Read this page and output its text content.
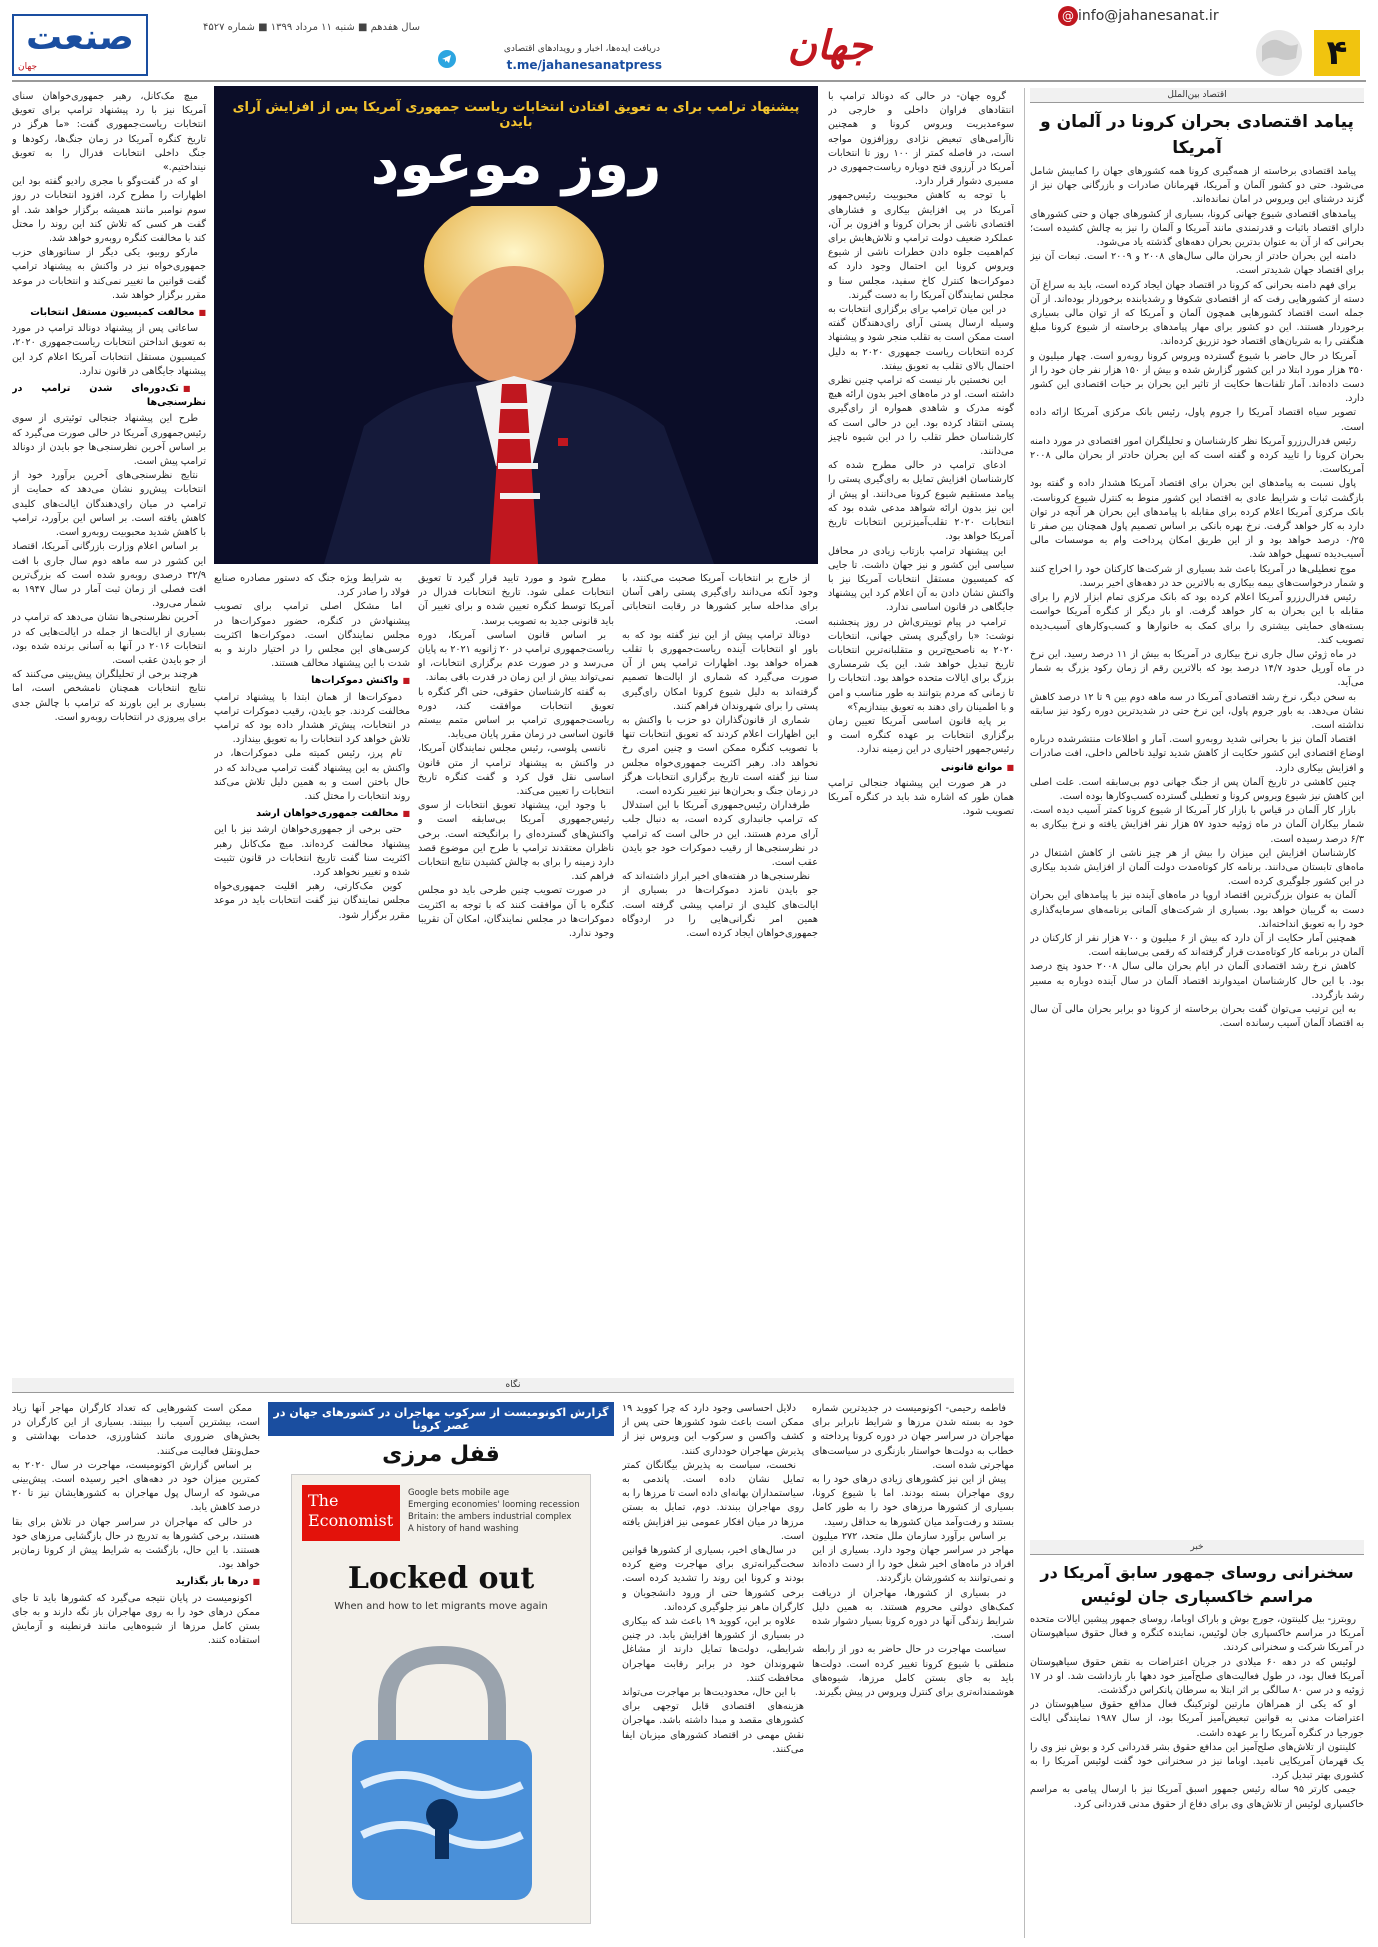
۴
@ info@jahanesanat.ir
جهان
دریافت ایده‌ها، اخبار و رویدادهای اقتصادی
t.me/jahanesanatpress
سال هفدهم ■ شنبه ۱۱ مرداد ۱۳۹۹ ■ شماره ۴۵۲۷
صنعت
جهان
اقتصاد بین‌الملل
پیامد اقتصادی بحران کرونا در آلمان و آمریکا

پیامد اقتصادی برخاسته از همه‌گیری کرونا همه کشورهای جهان را کمابیش شامل می‌شود. حتی دو کشور آلمان و آمریکا، قهرمانان صادرات و بازرگانی جهان نیز از گزند درشتای این ویروس در امان نمانده‌اند.

پیامدهای اقتصادی شیوع جهانی کرونا، بسیاری از کشورهای جهان و حتی کشورهای دارای اقتصاد باثبات و قدرتمندی مانند آمریکا و آلمان را نیز به چالش کشیده است؛ بحرانی که از آن به عنوان بدترین بحران دهه‌های گذشته یاد می‌شود.

دامنه این بحران حادتر از بحران مالی سال‌های ۲۰۰۸ و ۲۰۰۹ است. تبعات آن نیز برای اقتصاد جهان شدیدتر است.

برای فهم دامنه بحرانی که کرونا در اقتصاد جهان ایجاد کرده است، باید به سراغ آن دسته از کشورهایی رفت که از اقتصادی شکوفا و رشدیابنده برخوردار بوده‌اند. از آن جمله است اقتصاد کشورهایی همچون آلمان و آمریکا که از توان مالی بسیاری برخوردار هستند. این دو کشور برای مهار پیامدهای برخاسته از شیوع کرونا مبلغ هنگفتی را به شریان‌های اقتصاد خود تزریق کرده‌اند.

آمریکا در حال حاضر با شیوع گسترده ویروس کرونا روبه‌رو است. چهار میلیون و ۳۵۰ هزار مورد ابتلا در این کشور گزارش شده و بیش از ۱۵۰ هزار نفر جان خود را از دست داده‌اند. آمار تلفات‌ها حکایت از تاثیر این بحران بر حیات اقتصادی این کشور دارد.

تصویر سیاه اقتصاد آمریکا را جروم پاول، رئیس بانک مرکزی آمریکا ارائه داده است.

رئیس فدرال‌رزرو آمریکا نظر کارشناسان و تحلیلگران امور اقتصادی در مورد دامنه بحران کرونا را تایید کرده و گفته است که این بحران حادتر از بحران مالی ۲۰۰۸ آمریکاست.

پاول نسبت به پیامدهای این بحران برای اقتصاد آمریکا هشدار داده و گفته بود بازگشت ثبات و شرایط عادی به اقتصاد این کشور منوط به کنترل شیوع کروناست. بانک مرکزی آمریکا اعلام کرده برای مقابله با پیامدهای این بحران هر آنچه در توان دارد به کار خواهد گرفت. نرخ بهره بانکی بر اساس تصمیم پاول همچنان بین صفر تا ۰/۲۵ درصد خواهد بود و از این طریق امکان پرداخت وام به موسسات مالی آسیب‌دیده تسهیل خواهد شد.

موج تعطیلی‌ها در آمریکا باعث شد بسیاری از شرکت‌ها کارکنان خود را اخراج کنند و شمار درخواست‌های بیمه بیکاری به بالاترین حد در دهه‌های اخیر برسد.

رئیس فدرال‌رزرو آمریکا اعلام کرده بود که بانک مرکزی تمام ابزار لازم را برای مقابله با این بحران به کار خواهد گرفت. او بار دیگر از کنگره آمریکا خواست بسته‌های حمایتی بیشتری را برای کمک به خانوارها و کسب‌وکارهای آسیب‌دیده تصویب کند.

در ماه ژوئن سال جاری نرخ بیکاری در آمریکا به بیش از ۱۱ درصد رسید. این نرخ در ماه آوریل حدود ۱۴/۷ درصد بود که بالاترین رقم از زمان رکود بزرگ به شمار می‌آید.

به سخن دیگر، نرخ رشد اقتصادی آمریکا در سه ماهه دوم بین ۹ تا ۱۲ درصد کاهش نشان می‌دهد. به باور جروم پاول، این نرخ حتی در شدیدترین دوره رکود نیز سابقه نداشته است.

اقتصاد آلمان نیز با بحرانی شدید روبه‌رو است. آمار و اطلاعات منتشرشده درباره اوضاع اقتصادی این کشور حکایت از کاهش شدید تولید ناخالص داخلی، افت صادرات و افزایش بیکاری دارد.

چنین کاهشی در تاریخ آلمان پس از جنگ جهانی دوم بی‌سابقه است. علت اصلی این کاهش نیز شیوع ویروس کرونا و تعطیلی گسترده کسب‌وکارها بوده است.

بازار کار آلمان در قیاس با بازار کار آمریکا از شیوع کرونا کمتر آسیب دیده است. شمار بیکاران آلمان در ماه ژوئیه حدود ۵۷ هزار نفر افزایش یافته و نرخ بیکاری به ۶/۳ درصد رسیده است.

کارشناسان افزایش این میزان را بیش از هر چیز ناشی از کاهش اشتغال در ماه‌های تابستان می‌دانند. برنامه کار کوتاه‌مدت دولت آلمان از افزایش شدید بیکاری در این کشور جلوگیری کرده است.

آلمان به عنوان بزرگ‌ترین اقتصاد اروپا در ماه‌های آینده نیز با پیامدهای این بحران دست به گریبان خواهد بود. بسیاری از شرکت‌های آلمانی برنامه‌های سرمایه‌گذاری خود را به تعویق انداخته‌اند.

همچنین آمار حکایت از آن دارد که بیش از ۶ میلیون و ۷۰۰ هزار نفر از کارکنان در آلمان در برنامه کار کوتاه‌مدت قرار گرفته‌اند که رقمی بی‌سابقه است.

کاهش نرخ رشد اقتصادی آلمان در ایام بحران مالی سال ۲۰۰۸ حدود پنج درصد بود. با این حال کارشناسان امیدوارند اقتصاد آلمان در سال آینده دوباره به مسیر رشد بازگردد.

به این ترتیب می‌توان گفت بحران برخاسته از کرونا دو برابر بحران مالی آن سال به اقتصاد آلمان آسیب رسانده است.

خبر
سخنرانی روسای جمهور سابق آمریکا در مراسم خاکسپاری جان لوئیس

روبترز- بیل کلینتون، جورج بوش و باراک اوباما، روسای جمهور پیشین ایالات متحده آمریکا در مراسم خاکسپاری جان لوئیس، نماینده کنگره و فعال حقوق سیاهپوستان در آمریکا شرکت و سخنرانی کردند.

لوئیس که در دهه ۶۰ میلادی در جریان اعتراضات به نقض حقوق سیاهپوستان آمریکا فعال بود، در طول فعالیت‌های صلح‌آمیز خود دهها بار بازداشت شد. او در ۱۷ ژوئیه و در سن ۸۰ سالگی بر اثر ابتلا به سرطان پانکراس درگذشت.

او که یکی از همراهان مارتین لوترکینگ فعال مدافع حقوق سیاهپوستان در اعتراضات مدنی به قوانین تبعیض‌آمیز آمریکا بود، از سال ۱۹۸۷ نمایندگی ایالت جورجیا در کنگره آمریکا را بر عهده داشت.

کلینتون از تلاش‌های صلح‌آمیز این مدافع حقوق بشر قدردانی کرد و بوش نیز وی را یک قهرمان آمریکایی نامید. اوباما نیز در سخنرانی خود گفت لوئیس آمریکا را به کشوری بهتر تبدیل کرد.

جیمی کارتر ۹۵ ساله رئیس جمهور اسبق آمریکا نیز با ارسال پیامی به مراسم خاکسپاری لوئیس از تلاش‌های وی برای دفاع از حقوق مدنی قدردانی کرد.

گروه جهان- در حالی که دونالد ترامپ با انتقادهای فراوان داخلی و خارجی در سوءمدیریت ویروس کرونا و همچنین ناآرامی‌های تبعیض نژادی روزافزون مواجه است، در فاصله کمتر از ۱۰۰ روز تا انتخابات آمریکا در آرزوی فتح دوباره ریاست‌جمهوری در مسیری دشوار قرار دارد.

با توجه به کاهش محبوبیت رئیس‌جمهور آمریکا در پی افزایش بیکاری و فشارهای اقتصادی ناشی از بحران کرونا و افزون بر آن، عملکرد ضعیف دولت ترامپ و تلاش‌هایش برای کم‌اهمیت جلوه دادن خطرات ناشی از شیوع ویروس کرونا این احتمال وجود دارد که دموکرات‌ها کنترل کاخ سفید، مجلس سنا و مجلس نمایندگان آمریکا را به دست گیرند.

در این میان ترامپ برای برگزاری انتخابات به وسیله ارسال پستی آرای رای‌دهندگان گفته است ممکن است به تقلب منجر شود و پیشنهاد کرده انتخابات ریاست جمهوری ۲۰۲۰ به دلیل احتمال بالای تقلب به تعویق بیفتد.

این نخستین بار نیست که ترامپ چنین نظری داشته است. او در ماه‌های اخیر بدون ارائه هیچ گونه مدرک و شاهدی همواره از رای‌گیری پستی انتقاد کرده بود. این در حالی است که کارشناسان خطر تقلب را در این شیوه ناچیز می‌دانند.

ادعای ترامپ در حالی مطرح شده که کارشناسان افزایش تمایل به رای‌گیری پستی را پیامد مستقیم شیوع کرونا می‌دانند. او پیش از این نیز بدون ارائه شواهد مدعی شده بود که انتخابات ۲۰۲۰ تقلب‌آمیزترین انتخابات تاریخ آمریکا خواهد بود.

این پیشنهاد ترامپ بازتاب زیادی در محافل سیاسی این کشور و نیز جهان داشت. تا جایی که کمیسیون مستقل انتخابات آمریکا نیز با واکنش نشان دادن به آن اعلام کرد این پیشنهاد جایگاهی در قانون اساسی ندارد.

ترامپ در پیام توییتری‌اش در روز پنجشنبه نوشت: «با رای‌گیری پستی جهانی، انتخابات ۲۰۲۰ به ناصحیح‌ترین و متقلبانه‌ترین انتخابات تاریخ تبدیل خواهد شد. این یک شرمساری بزرگ برای ایالات متحده خواهد بود. انتخابات را تا زمانی که مردم بتوانند به طور مناسب و امن و با اطمینان رای دهند به تعویق بیندازیم؟»

بر پایه قانون اساسی آمریکا تعیین زمان برگزاری انتخابات بر عهده کنگره است و رئیس‌جمهور اختیاری در این زمینه ندارد.

■ موانع قانونی

در هر صورت این پیشنهاد جنجالی ترامپ همان طور که اشاره شد باید در کنگره آمریکا تصویب شود.

پیشنهاد ترامپ برای به تعویق افتادن انتخابات ریاست جمهوری آمریکا پس از افزایش آرای بایدن
روز موعود

از خارج بر انتخابات آمریکا صحبت می‌کنند، با وجود آنکه می‌دانند رای‌گیری پستی راهی آسان برای مداخله سایر کشورها در رقابت انتخاباتی است.

دونالد ترامپ پیش از این نیز گفته بود که به باور او انتخابات آینده ریاست‌جمهوری با تقلب همراه خواهد بود. اظهارات ترامپ پس از آن صورت می‌گیرد که شماری از ایالت‌ها تصمیم گرفته‌اند به دلیل شیوع کرونا امکان رای‌گیری پستی را برای شهروندان فراهم کنند.

شماری از قانون‌گذاران دو حزب با واکنش به این اظهارات اعلام کردند که تعویق انتخابات تنها با تصویب کنگره ممکن است و چنین امری رخ نخواهد داد. رهبر اکثریت جمهوری‌خواه مجلس سنا نیز گفته است تاریخ برگزاری انتخابات هرگز در زمان جنگ و بحران‌ها نیز تغییر نکرده است.

طرفداران رئیس‌جمهوری آمریکا با این استدلال که ترامپ جانبداری کرده است، به دنبال جلب آرای مردم هستند. این در حالی است که ترامپ در نظرسنجی‌ها از رقیب دموکرات خود جو بایدن عقب است.

نظرسنجی‌ها در هفته‌های اخیر ابراز داشته‌اند که جو بایدن نامزد دموکرات‌ها در بسیاری از ایالت‌های کلیدی از ترامپ پیشی گرفته است. همین امر نگرانی‌هایی را در اردوگاه جمهوری‌خواهان ایجاد کرده است.

مطرح شود و مورد تایید قرار گیرد تا تعویق انتخابات عملی شود. تاریخ انتخابات فدرال در آمریکا توسط کنگره تعیین شده و برای تغییر آن باید قانونی جدید به تصویب برسد.

بر اساس قانون اساسی آمریکا، دوره ریاست‌جمهوری ترامپ در ۲۰ ژانویه ۲۰۲۱ به پایان می‌رسد و در صورت عدم برگزاری انتخابات، او نمی‌تواند بیش از این زمان در قدرت باقی بماند.

به گفته کارشناسان حقوقی، حتی اگر کنگره با تعویق انتخابات موافقت کند، دوره ریاست‌جمهوری ترامپ بر اساس متمم بیستم قانون اساسی در زمان مقرر پایان می‌یابد.

نانسی پلوسی، رئیس مجلس نمایندگان آمریکا، در واکنش به پیشنهاد ترامپ از متن قانون اساسی نقل قول کرد و گفت کنگره تاریخ انتخابات را تعیین می‌کند.

با وجود این، پیشنهاد تعویق انتخابات از سوی رئیس‌جمهوری آمریکا بی‌سابقه است و واکنش‌های گسترده‌ای را برانگیخته است. برخی ناظران معتقدند ترامپ با طرح این موضوع قصد دارد زمینه را برای به چالش کشیدن نتایج انتخابات فراهم کند.

در صورت تصویب چنین طرحی باید دو مجلس کنگره با آن موافقت کنند که با توجه به اکثریت دموکرات‌ها در مجلس نمایندگان، امکان آن تقریبا وجود ندارد.

به شرایط ویژه جنگ که دستور مصادره صنایع فولاد را صادر کرد.

اما مشکل اصلی ترامپ برای تصویب پیشنهادش در کنگره، حضور دموکرات‌ها در مجلس نمایندگان است. دموکرات‌ها اکثریت کرسی‌های این مجلس را در اختیار دارند و به شدت با این پیشنهاد مخالف هستند.

■ واکنش دموکرات‌ها

دموکرات‌ها از همان ابتدا با پیشنهاد ترامپ مخالفت کردند. جو بایدن، رقیب دموکرات ترامپ در انتخابات، پیش‌تر هشدار داده بود که ترامپ تلاش خواهد کرد انتخابات را به تعویق بیندازد.

تام پرز، رئیس کمیته ملی دموکرات‌ها، در واکنش به این پیشنهاد گفت ترامپ می‌داند که در حال باختن است و به همین دلیل تلاش می‌کند روند انتخابات را مختل کند.

■ مخالفت جمهوری‌خواهان ارشد

حتی برخی از جمهوری‌خواهان ارشد نیز با این پیشنهاد مخالفت کرده‌اند. میچ مک‌کانل رهبر اکثریت سنا گفت تاریخ انتخابات در قانون تثبیت شده و تغییر نخواهد کرد.

کوین مک‌کارتی، رهبر اقلیت جمهوری‌خواه مجلس نمایندگان نیز گفت انتخابات باید در موعد مقرر برگزار شود.

میچ مک‌کانل، رهبر جمهوری‌خواهان سنای آمریکا نیز با رد پیشنهاد ترامپ برای تعویق انتخابات ریاست‌جمهوری گفت: «ما هرگز در تاریخ کنگره آمریکا در زمان جنگ‌ها، رکودها و جنگ داخلی انتخابات فدرال را به تعویق نینداختیم.»

او که در گفت‌وگو با مجری رادیو گفته بود این اظهارات را مطرح کرد، افزود انتخابات در روز سوم نوامبر مانند همیشه برگزار خواهد شد. او گفت هر کسی که تلاش کند این روند را مختل کند با مخالفت کنگره روبه‌رو خواهد شد.

مارکو روبیو، یکی دیگر از سناتورهای حزب جمهوری‌خواه نیز در واکنش به پیشنهاد ترامپ گفت قوانین ما تغییر نمی‌کند و انتخابات در موعد مقرر برگزار خواهد شد.

■ مخالفت کمیسیون مستقل انتخابات

ساعاتی پس از پیشنهاد دونالد ترامپ در مورد به تعویق انداختن انتخابات ریاست‌جمهوری ۲۰۲۰، کمیسیون مستقل انتخابات آمریکا اعلام کرد این پیشنهاد جایگاهی در قانون ندارد.

■ تک‌دوره‌ای شدن ترامپ در نظرسنجی‌ها

طرح این پیشنهاد جنجالی توئیتری از سوی رئیس‌جمهوری آمریکا در حالی صورت می‌گیرد که بر اساس آخرین نظرسنجی‌ها جو بایدن از دونالد ترامپ پیش است.

نتایج نظرسنجی‌های آخرین برآورد خود از انتخابات پیش‌رو نشان می‌دهد که حمایت از ترامپ در میان رای‌دهندگان ایالت‌های کلیدی کاهش یافته است. بر اساس این برآورد، ترامپ با کاهش شدید محبوبیت روبه‌رو است.

بر اساس اعلام وزارت بازرگانی آمریکا، اقتصاد این کشور در سه ماهه دوم سال جاری با افت ۳۲/۹ درصدی روبه‌رو شده است که بزرگ‌ترین افت فصلی از زمان ثبت آمار در سال ۱۹۴۷ به شمار می‌رود.

آخرین نظرسنجی‌ها نشان می‌دهد که ترامپ در بسیاری از ایالت‌ها از جمله در ایالت‌هایی که در انتخابات ۲۰۱۶ در آنها به آسانی برنده شده بود، از جو بایدن عقب است.

هرچند برخی از تحلیلگران پیش‌بینی می‌کنند که نتایج انتخابات همچنان نامشخص است، اما بسیاری بر این باورند که ترامپ با چالش جدی برای پیروزی در انتخابات روبه‌رو است.

نگاه
گزارش اکونومیست از سرکوب مهاجران در کشورهای جهان در عصر کرونا
قفل مرزی
The Economist
Google bets mobile age
Emerging economies' looming recession
Britain: the ambers industrial complex
A history of hand washing
Locked out
When and how to let migrants move again

فاطمه رحیمی- اکونومیست در جدیدترین شماره خود به بسته شدن مرزها و شرایط نابرابر برای مهاجران در سراسر جهان در دوره کرونا پرداخته و خطاب به دولت‌ها خواستار بازنگری در سیاست‌های مهاجرتی شده است.

پیش از این نیز کشورهای زیادی درهای خود را به روی مهاجران بسته بودند. اما با شیوع کرونا، بسیاری از کشورها مرزهای خود را به طور کامل بستند و رفت‌وآمد میان کشورها به حداقل رسید.

بر اساس برآورد سازمان ملل متحد، ۲۷۲ میلیون مهاجر در سراسر جهان وجود دارد. بسیاری از این افراد در ماه‌های اخیر شغل خود را از دست داده‌اند و نمی‌توانند به کشورشان بازگردند.

در بسیاری از کشورها، مهاجران از دریافت کمک‌های دولتی محروم هستند. به همین دلیل شرایط زندگی آنها در دوره کرونا بسیار دشوار شده است.

سیاست مهاجرت در حال حاضر به دور از رابطه منطقی با شیوع کرونا تغییر کرده است. دولت‌ها باید به جای بستن کامل مرزها، شیوه‌های هوشمندانه‌تری برای کنترل ویروس در پیش بگیرند.

دلایل احساسی وجود دارد که چرا کووید ۱۹ ممکن است باعث شود کشورها حتی پس از کشف واکسن و سرکوب این ویروس نیز از پذیرش مهاجران خودداری کنند.

نخست، سیاست به پذیرش بیگانگان کمتر تمایل نشان داده است. پاندمی به سیاستمداران بهانه‌ای داده است تا مرزها را به روی مهاجران ببندند. دوم، تمایل به بستن مرزها در میان افکار عمومی نیز افزایش یافته است.

در سال‌های اخیر، بسیاری از کشورها قوانین سخت‌گیرانه‌تری برای مهاجرت وضع کرده بودند و کرونا این روند را تشدید کرده است. برخی کشورها حتی از ورود دانشجویان و کارگران ماهر نیز جلوگیری کرده‌اند.

علاوه بر این، کووید ۱۹ باعث شد که بیکاری در بسیاری از کشورها افزایش یابد. در چنین شرایطی، دولت‌ها تمایل دارند از مشاغل شهروندان خود در برابر رقابت مهاجران محافظت کنند.

با این حال، محدودیت‌ها بر مهاجرت می‌تواند هزینه‌های اقتصادی قابل توجهی برای کشورهای مقصد و مبدا داشته باشد. مهاجران نقش مهمی در اقتصاد کشورهای میزبان ایفا می‌کنند.

ممکن است کشورهایی که تعداد کارگران مهاجر آنها زیاد است، بیشترین آسیب را ببینند. بسیاری از این کارگران در بخش‌های ضروری مانند کشاورزی، خدمات بهداشتی و حمل‌ونقل فعالیت می‌کنند.

بر اساس گزارش اکونومیست، مهاجرت در سال ۲۰۲۰ به کمترین میزان خود در دهه‌های اخیر رسیده است. پیش‌بینی می‌شود که ارسال پول مهاجران به کشورهایشان نیز تا ۲۰ درصد کاهش یابد.

در حالی که مهاجران در سراسر جهان در تلاش برای بقا هستند، برخی کشورها به تدریج در حال بازگشایی مرزهای خود هستند. با این حال، بازگشت به شرایط پیش از کرونا زمان‌بر خواهد بود.

■ درها باز بگذارید

اکونومیست در پایان نتیجه می‌گیرد که کشورها باید تا جای ممکن درهای خود را به روی مهاجران باز نگه دارند و به جای بستن کامل مرزها از شیوه‌هایی مانند قرنطینه و آزمایش استفاده کنند.
